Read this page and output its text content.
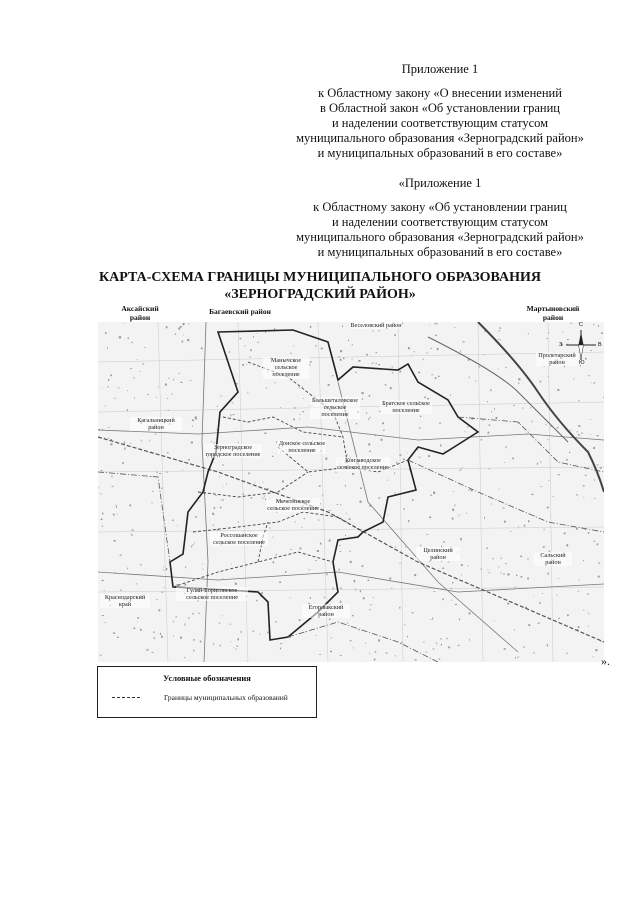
Приложение 1
к Областному закону «О внесении изменений
в Областной закон «Об установлении границ
и наделении соответствующим статусом
муниципального образования «Зерноградский район»
и муниципальных образований в его составе»
«Приложение 1
к Областному закону «Об установлении границ
и наделении соответствующим статусом
муниципального образования «Зерноградский район»
и муниципальных образований в его составе»
КАРТА-СХЕМА ГРАНИЦЫ МУНИЦИПАЛЬНОГО ОБРАЗОВАНИЯ
«ЗЕРНОГРАДСКИЙ РАЙОН»
Аксайский район
Багаевский район	Мартыновский район
Веселовский район
Пролетарский район
Кагальницкий район
Краснодарский край
Целинский район	Сальский район
Егорлыкский район
Манычское сельское поселение
Большеталовское сельское поселение
Братское сельское поселение
Зерноградское городское поселение
Донское сельское поселение
Конзаводское сельское поселение
Мечетинское сельское поселение
Россошанское сельское поселение
Гуляй-Борисовское сельское поселение
С
Ю
З	В
».
Условные обозначения
Границы муниципальных образований
